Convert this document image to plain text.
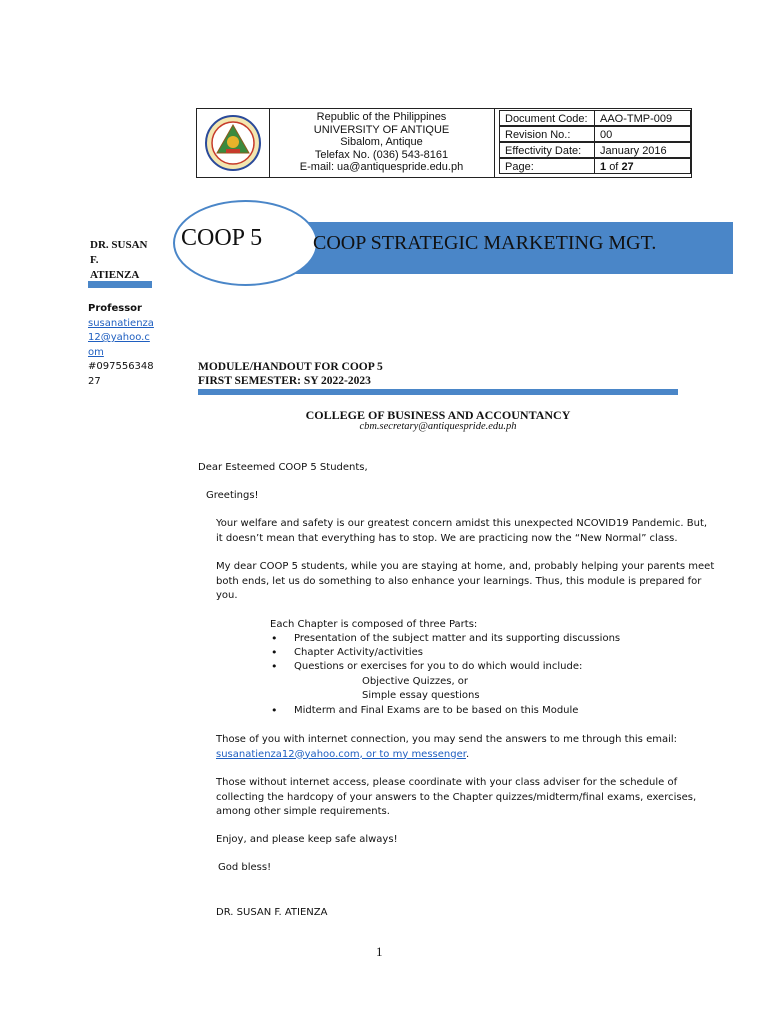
Republic of the Philippines
UNIVERSITY OF ANTIQUE
Sibalom, Antique
Telefax No. (036) 543-8161
E-mail: ua@antiquespride.edu.ph
Document Code:	AAO-TMP-009
Revision No.:	00
Effectivity Date:	January 2016
Page:	1 of 27
DR. SUSAN
F.
ATIENZA
Professor
susanatienza
12@yahoo.c
om
#097556348
27
COOP 5	COOP STRATEGIC MARKETING MGT.
MODULE/HANDOUT FOR COOP 5
FIRST SEMESTER: SY 2022-2023
COLLEGE OF BUSINESS AND ACCOUNTANCY
cbm.secretary@antiquespride.edu.ph
Dear Esteemed COOP 5 Students,
Greetings!
Your welfare and safety is our greatest concern amidst this unexpected NCOVID19 Pandemic. But,
it doesn’t mean that everything has to stop. We are practicing now the “New Normal” class.
My dear COOP 5 students, while you are staying at home, and, probably helping your parents meet
both ends, let us do something to also enhance your learnings. Thus, this module is prepared for
you.
Each Chapter is composed of three Parts:
• Presentation of the subject matter and its supporting discussions
• Chapter Activity/activities
• Questions or exercises for you to do which would include:
Objective Quizzes, or
Simple essay questions
• Midterm and Final Exams are to be based on this Module
Those of you with internet connection, you may send the answers to me through this email:
susanatienza12@yahoo.com, or to my messenger.
Those without internet access, please coordinate with your class adviser for the schedule of
collecting the hardcopy of your answers to the Chapter quizzes/midterm/final exams, exercises,
among other simple requirements.
Enjoy, and please keep safe always!
God bless!
DR. SUSAN F. ATIENZA
1
